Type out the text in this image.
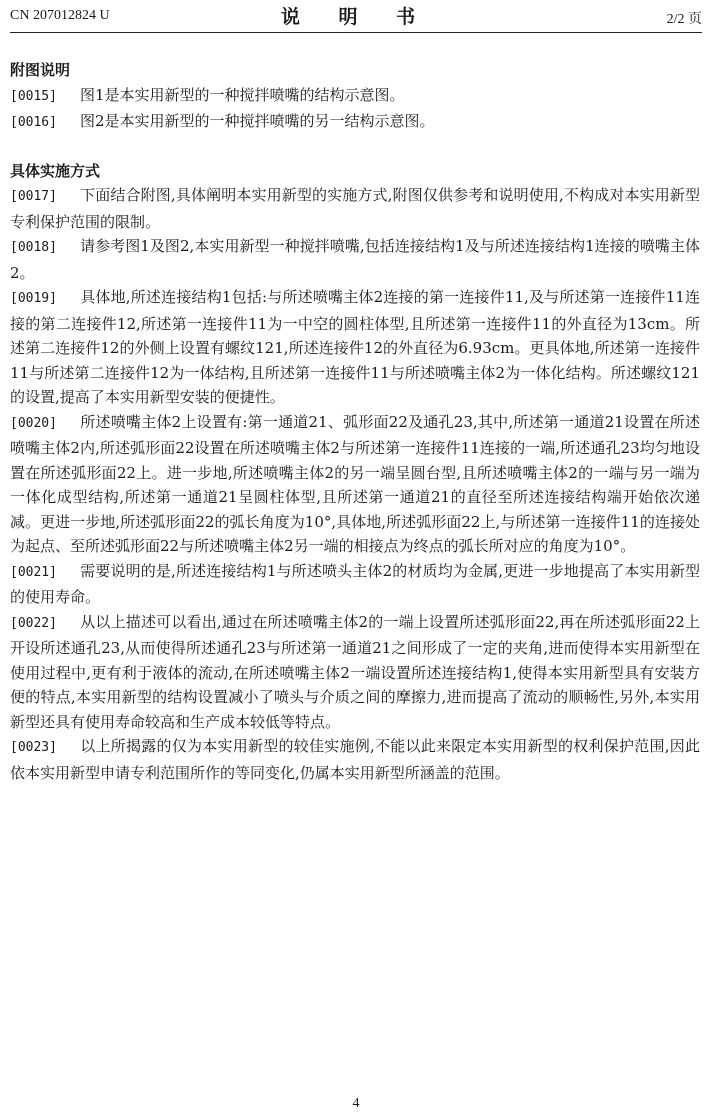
CN 207012824 U	说 明 书	2/2 页
附图说明

[0015] 图1是本实用新型的一种搅拌喷嘴的结构示意图。

[0016] 图2是本实用新型的一种搅拌喷嘴的另一结构示意图。

具体实施方式

[0017] 下面结合附图,具体阐明本实用新型的实施方式,附图仅供参考和说明使用,不构成对本实用新型专利保护范围的限制。

[0018] 请参考图1及图2,本实用新型一种搅拌喷嘴,包括连接结构1及与所述连接结构1连接的喷嘴主体2。

[0019] 具体地,所述连接结构1包括:与所述喷嘴主体2连接的第一连接件11,及与所述第一连接件11连接的第二连接件12,所述第一连接件11为一中空的圆柱体型,且所述第一连接件11的外直径为13cm。所述第二连接件12的外侧上设置有螺纹121,所述连接件12的外直径为6.93cm。更具体地,所述第一连接件11与所述第二连接件12为一体结构,且所述第一连接件11与所述喷嘴主体2为一体化结构。所述螺纹121的设置,提高了本实用新型安装的便捷性。

[0020] 所述喷嘴主体2上设置有:第一通道21、弧形面22及通孔23,其中,所述第一通道21设置在所述喷嘴主体2内,所述弧形面22设置在所述喷嘴主体2与所述第一连接件11连接的一端,所述通孔23均匀地设置在所述弧形面22上。进一步地,所述喷嘴主体2的另一端呈圆台型,且所述喷嘴主体2的一端与另一端为一体化成型结构,所述第一通道21呈圆柱体型,且所述第一通道21的直径至所述连接结构端开始依次递减。更进一步地,所述弧形面22的弧长角度为10°,具体地,所述弧形面22上,与所述第一连接件11的连接处为起点、至所述弧形面22与所述喷嘴主体2另一端的相接点为终点的弧长所对应的角度为10°。

[0021] 需要说明的是,所述连接结构1与所述喷头主体2的材质均为金属,更进一步地提高了本实用新型的使用寿命。

[0022] 从以上描述可以看出,通过在所述喷嘴主体2的一端上设置所述弧形面22,再在所述弧形面22上开设所述通孔23,从而使得所述通孔23与所述第一通道21之间形成了一定的夹角,进而使得本实用新型在使用过程中,更有利于液体的流动,在所述喷嘴主体2一端设置所述连接结构1,使得本实用新型具有安装方便的特点,本实用新型的结构设置减小了喷头与介质之间的摩擦力,进而提高了流动的顺畅性,另外,本实用新型还具有使用寿命较高和生产成本较低等特点。

[0023] 以上所揭露的仅为本实用新型的较佳实施例,不能以此来限定本实用新型的权利保护范围,因此依本实用新型申请专利范围所作的等同变化,仍属本实用新型所涵盖的范围。

4
